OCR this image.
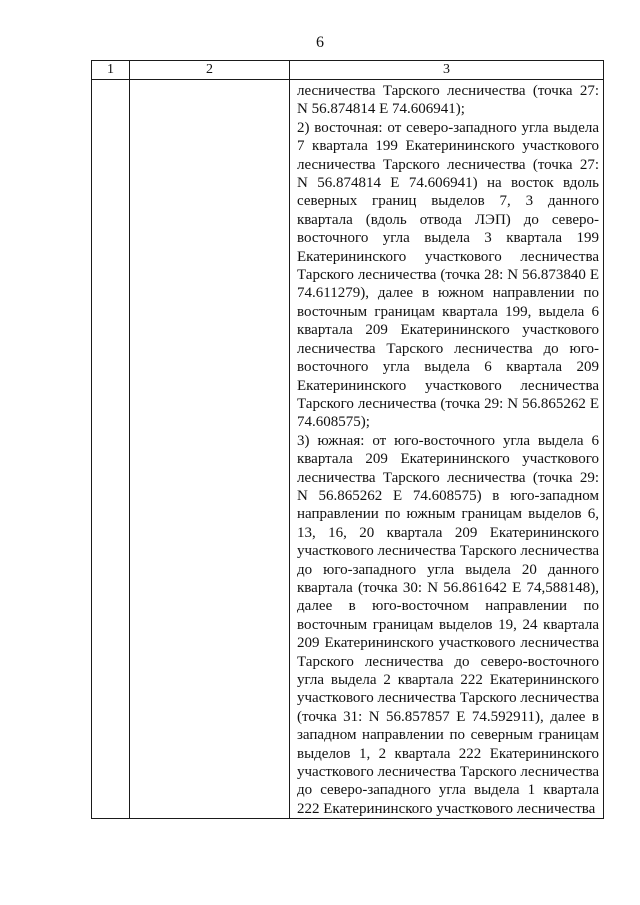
6
1	2	3

		лесничества Тарского лесничества (точка 27: N 56.874814 E 74.606941);

2) восточная: от северо-западного угла выдела 7 квартала 199 Екатерининского участкового лесничества Тарского лесничества (точка 27: N 56.874814 E 74.606941) на восток вдоль северных границ выделов 7, 3 данного квартала (вдоль отвода ЛЭП) до северо-восточного угла выдела 3 квартала 199 Екатерининского участкового лесничества Тарского лесничества (точка 28: N 56.873840 E 74.611279), далее в южном направлении по восточным границам квартала 199, выдела 6 квартала 209 Екатерининского участкового лесничества Тарского лесничества до юго-восточного угла выдела 6 квартала 209 Екатерининского участкового лесничества Тарского лесничества (точка 29: N 56.865262 E 74.608575);

3) южная: от юго-восточного угла выдела 6 квартала 209 Екатерининского участкового лесничества Тарского лесничества (точка 29: N 56.865262 E 74.608575) в юго-западном направлении по южным границам выделов 6, 13, 16, 20 квартала 209 Екатерининского участкового лесничества Тарского лесничества до юго-западного угла выдела 20 данного квартала (точка 30: N 56.861642 E 74,588148), далее в юго-восточном направлении по восточным границам выделов 19, 24 квартала 209 Екатерининского участкового лесничества Тарского лесничества до северо-восточного угла выдела 2 квартала 222 Екатерининского участкового лесничества Тарского лесничества (точка 31: N 56.857857 E 74.592911), далее в западном направлении по северным границам выделов 1, 2 квартала 222 Екатерининского участкового лесничества Тарского лесничества до северо-западного угла выдела 1 квартала 222 Екатерининского участкового лесничества
